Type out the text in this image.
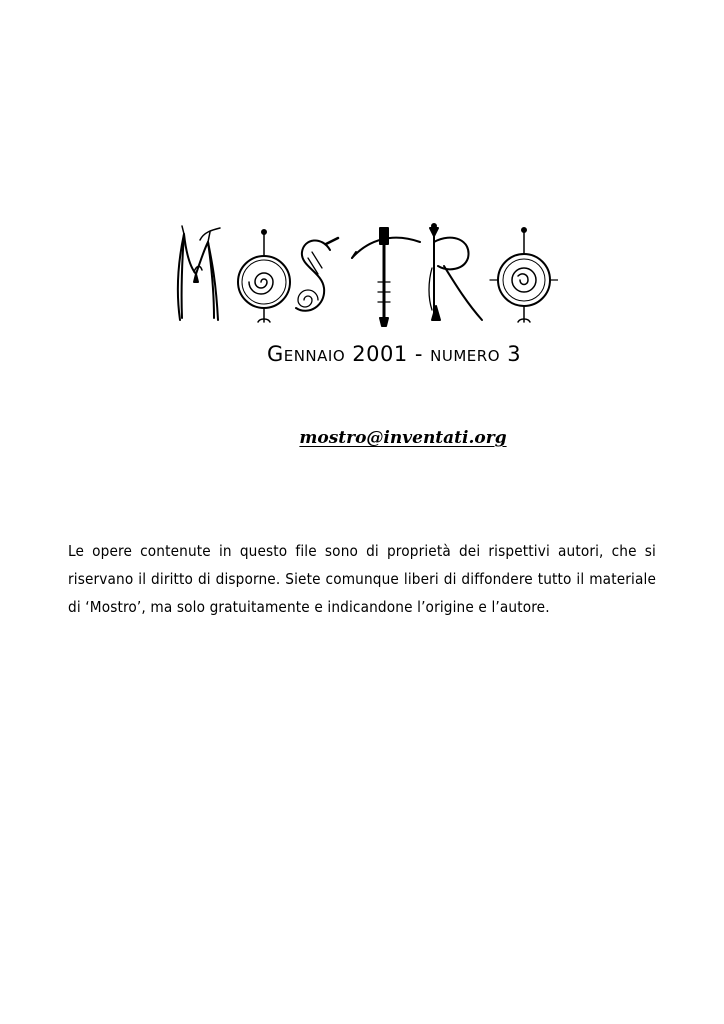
Gennaio 2001 - numero 3
mostro@inventati.org

Le opere contenute in questo file sono di proprietà dei rispettivi autori, che si riservano il diritto di disporne. Siete comunque liberi di diffondere tutto il materiale di ‘Mostro’, ma solo gratuitamente e indicandone l’origine e l’autore.
